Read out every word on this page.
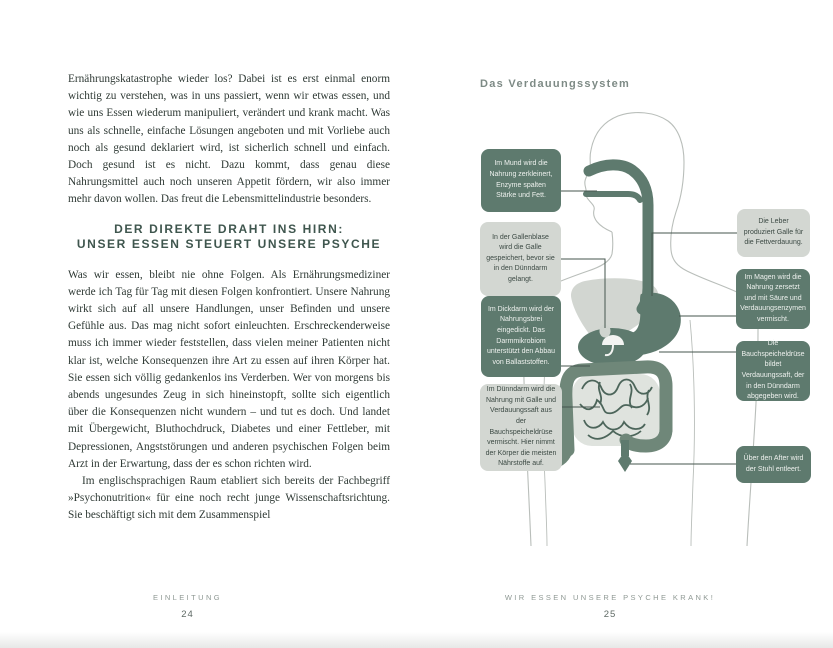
Ernährungskatastrophe wieder los? Dabei ist es erst einmal enorm wichtig zu verstehen, was in uns passiert, wenn wir etwas essen, und wie uns Essen wiederum manipuliert, verändert und krank macht. Was uns als schnelle, einfache Lösungen angeboten und mit Vorliebe auch noch als gesund deklariert wird, ist sicherlich schnell und einfach. Doch gesund ist es nicht. Dazu kommt, dass genau diese Nahrungsmittel auch noch unseren Appetit fördern, wir also immer mehr davon wollen. Das freut die Lebensmittelindustrie besonders.

DER DIREKTE DRAHT INS HIRN:
UNSER ESSEN STEUERT UNSERE PSYCHE

Was wir essen, bleibt nie ohne Folgen. Als Ernährungsmediziner werde ich Tag für Tag mit diesen Folgen konfrontiert. Unsere Nahrung wirkt sich auf all unsere Handlungen, unser Befinden und unsere Gefühle aus. Das mag nicht sofort einleuchten. Erschreckenderweise muss ich immer wieder feststellen, dass vielen meiner Patienten nicht klar ist, welche Konsequenzen ihre Art zu essen auf ihren Körper hat. Sie essen sich völlig gedankenlos ins Verderben. Wer von morgens bis abends ungesundes Zeug in sich hineinstopft, sollte sich eigentlich über die Konsequenzen nicht wundern – und tut es doch. Und landet mit Übergewicht, Bluthochdruck, Diabetes und einer Fettleber, mit Depressionen, Angststörungen und anderen psychischen Folgen beim Arzt in der Erwartung, dass der es schon richten wird.

Im englischsprachigen Raum etabliert sich bereits der Fachbegriff »Psychonutrition« für eine noch recht junge Wissenschaftsrichtung. Sie beschäftigt sich mit dem Zusammenspiel

EINLEITUNG
24
Das Verdauungssystem
Im Mund wird die Nahrung zerkleinert, Enzyme spalten Stärke und Fett.
In der Gallenblase wird die Galle gespeichert, bevor sie in den Dünndarm gelangt.
Im Dickdarm wird der Nahrungsbrei eingedickt. Das Darmmikrobiom unterstützt den Abbau von Ballaststoffen.
Im Dünndarm wird die Nahrung mit Galle und Verdauungssaft aus der Bauchspeicheldrüse vermischt. Hier nimmt der Körper die meisten Nährstoffe auf.
Die Leber produziert Galle für die Fettverdauung.
Im Magen wird die Nahrung zersetzt und mit Säure und Verdauungsenzymen vermischt.
Die Bauchspeicheldrüse bildet Verdauungssaft, der in den Dünndarm abgegeben wird.
Über den After wird der Stuhl entleert.
WIR ESSEN UNSERE PSYCHE KRANK!
25
